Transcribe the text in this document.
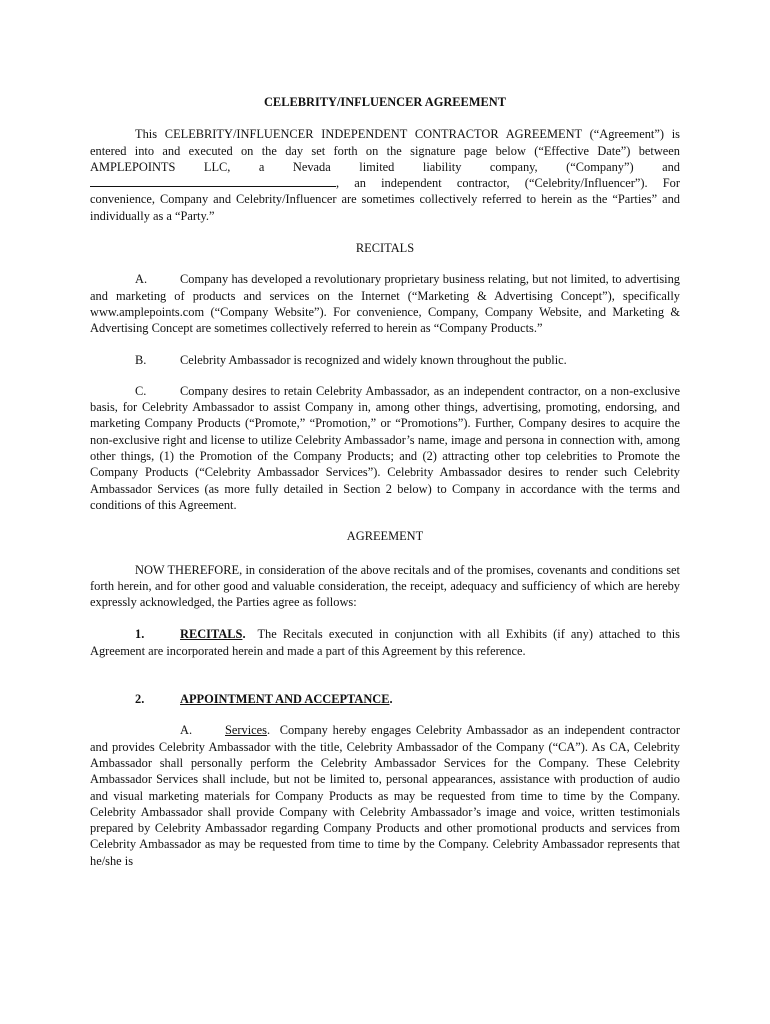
CELEBRITY/INFLUENCER AGREEMENT

This CELEBRITY/INFLUENCER INDEPENDENT CONTRACTOR AGREEMENT (“Agreement”) is entered into and executed on the day set forth on the signature page below (“Effective Date”) between AMPLEPOINTS LLC, a Nevada limited liability company, (“Company”) and , an independent contractor, (“Celebrity/Influencer”). For convenience, Company and Celebrity/Influencer are sometimes collectively referred to herein as the “Parties” and individually as a “Party.”

RECITALS

A.	Company has developed a revolutionary proprietary business relating, but not limited, to advertising and marketing of products and services on the Internet (“Marketing & Advertising Concept”), specifically www.amplepoints.com (“Company Website”). For convenience, Company, Company Website, and Marketing & Advertising Concept are sometimes collectively referred to herein as “Company Products.”

B.	Celebrity Ambassador is recognized and widely known throughout the public.

C.	Company desires to retain Celebrity Ambassador, as an independent contractor, on a non-exclusive basis, for Celebrity Ambassador to assist Company in, among other things, advertising, promoting, endorsing, and marketing Company Products (“Promote,” “Promotion,” or “Promotions”). Further, Company desires to acquire the non-exclusive right and license to utilize Celebrity Ambassador’s name, image and persona in connection with, among other things, (1) the Promotion of the Company Products; and (2) attracting other top celebrities to Promote the Company Products (“Celebrity Ambassador Services”). Celebrity Ambassador desires to render such Celebrity Ambassador Services (as more fully detailed in Section 2 below) to Company in accordance with the terms and conditions of this Agreement.

AGREEMENT

NOW THEREFORE, in consideration of the above recitals and of the promises, covenants and conditions set forth herein, and for other good and valuable consideration, the receipt, adequacy and sufficiency of which are hereby expressly acknowledged, the Parties agree as follows:

1.	RECITALS. The Recitals executed in conjunction with all Exhibits (if any) attached to this Agreement are incorporated herein and made a part of this Agreement by this reference.

2.	APPOINTMENT AND ACCEPTANCE.

A.	Services. Company hereby engages Celebrity Ambassador as an independent contractor and provides Celebrity Ambassador with the title, Celebrity Ambassador of the Company (“CA”). As CA, Celebrity Ambassador shall personally perform the Celebrity Ambassador Services for the Company. These Celebrity Ambassador Services shall include, but not be limited to, personal appearances, assistance with production of audio and visual marketing materials for Company Products as may be requested from time to time by the Company. Celebrity Ambassador shall provide Company with Celebrity Ambassador’s image and voice, written testimonials prepared by Celebrity Ambassador regarding Company Products and other promotional products and services from Celebrity Ambassador as may be requested from time to time by the Company. Celebrity Ambassador represents that he/she is
